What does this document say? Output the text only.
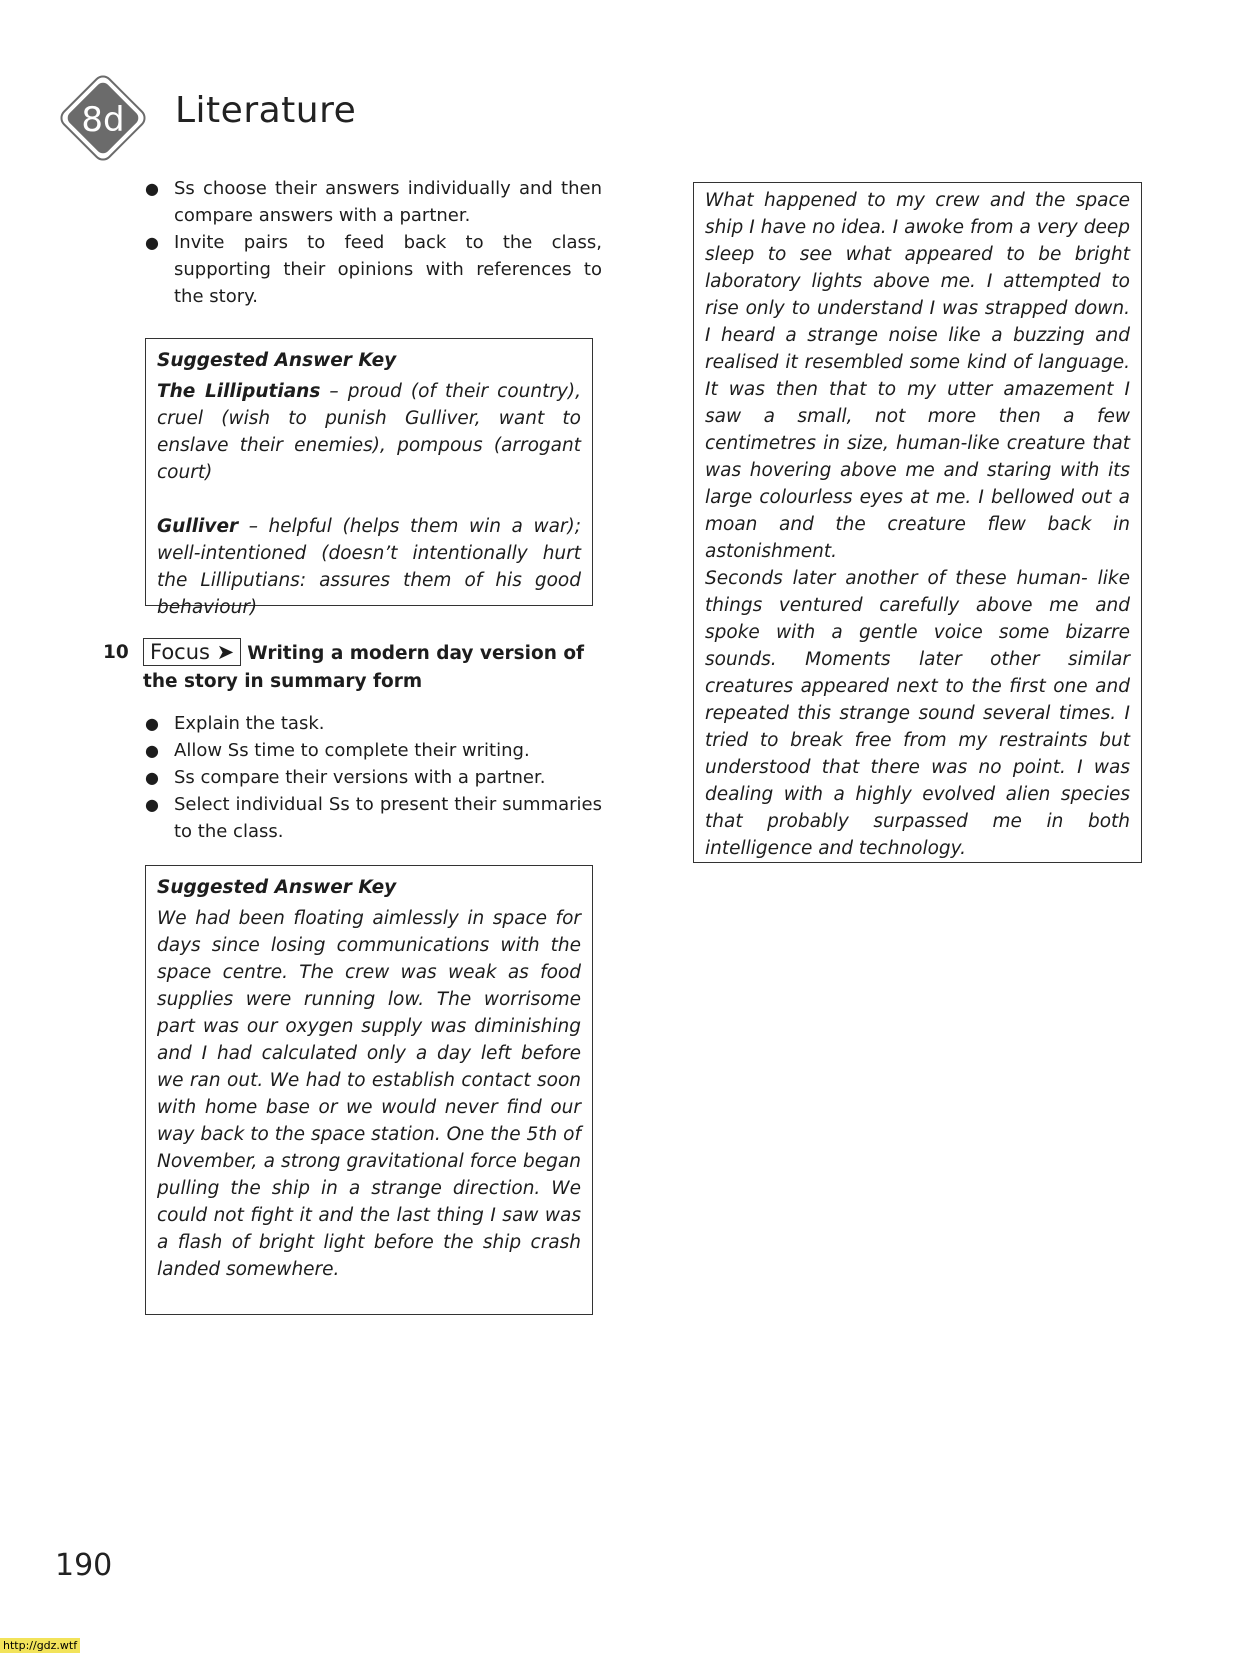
8d Literature
● Ss choose their answers individually and then compare answers with a partner.
● Invite pairs to feed back to the class, supporting their opinions with references to the story.
Suggested Answer Key
The Lilliputians – proud (of their country), cruel (wish to punish Gulliver, want to enslave their enemies), pompous (arrogant court)
Gulliver – helpful (helps them win a war); well-intentioned (doesn’t intentionally hurt the Lilliputians: assures them of his good behaviour)
10	Focus ➤ Writing a modern day version of the story in summary form
● Explain the task.
● Allow Ss time to complete their writing.
● Ss compare their versions with a partner.
● Select individual Ss to present their summaries to the class.
Suggested Answer Key
We had been floating aimlessly in space for days since losing communications with the space centre. The crew was weak as food supplies were running low. The worrisome part was our oxygen supply was diminishing and I had calculated only a day left before we ran out. We had to establish contact soon with home base or we would never find our way back to the space station. One the 5th of November, a strong gravitational force began pulling the ship in a strange direction. We could not fight it and the last thing I saw was a flash of bright light before the ship crash landed somewhere.
What happened to my crew and the space ship I have no idea. I awoke from a very deep sleep to see what appeared to be bright laboratory lights above me. I attempted to rise only to understand I was strapped down. I heard a strange noise like a buzzing and realised it resembled some kind of language. It was then that to my utter amazement I saw a small, not more then a few centimetres in size, human-like creature that was hovering above me and staring with its large colourless eyes at me. I bellowed out a moan and the creature flew back in astonishment.
Seconds later another of these human- like things ventured carefully above me and spoke with a gentle voice some bizarre sounds. Moments later other similar creatures appeared next to the first one and repeated this strange sound several times. I tried to break free from my restraints but understood that there was no point. I was dealing with a highly evolved alien species that probably surpassed me in both intelligence and technology.
190
http://gdz.wtf
